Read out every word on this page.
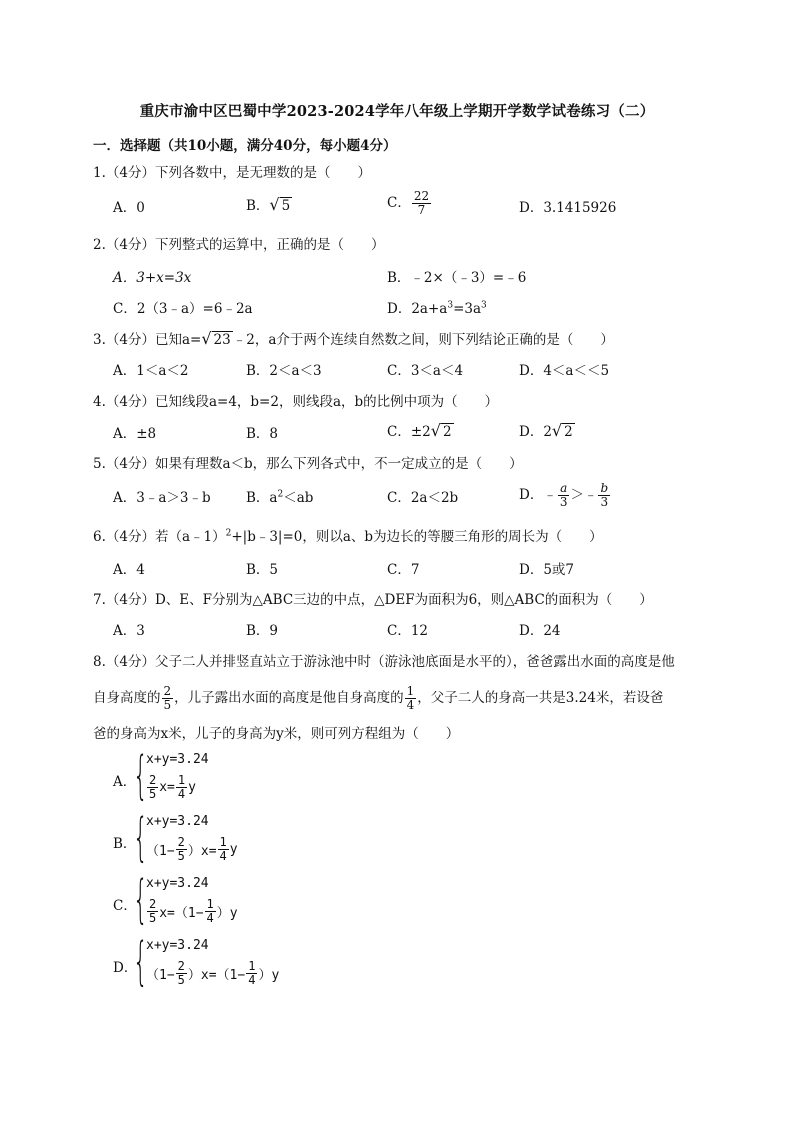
重庆市渝中区巴蜀中学2023-2024学年八年级上学期开学数学试卷练习（二）
一．选择题（共10小题，满分40分，每小题4分）
1.（4分）下列各数中，是无理数的是（　　）
A．0	B． √ 5	C． $\frac{22}{7}$	D．3.1415926
2.（4分）下列整式的运算中，正确的是（　　）
A．3+x=3x	B．﹣2×（﹣3）=﹣6
C．2（3﹣a）=6﹣2a	D．$2a+a^3=3a^3$
3.（4分）已知a= √ 23 ﹣2，a介于两个连续自然数之间，则下列结论正确的是（　　）
A．1＜a＜2	B．2＜a＜3	C．3＜a＜4	D．4＜a＜＜5
4.（4分）已知线段a=4，b=2，则线段a，b的比例中项为（　　）
A．±8	B．8	C．±2 √ 2	D．2 √ 2
5.（4分）如果有理数a＜b，那么下列各式中，不一定成立的是（　　）
A．3﹣a＞3﹣b	B．$a^2<ab$	C．2a＜2b	D．﹣ $\frac{a}{3}$ ＞﹣ $\frac{b}{3}$
6.（4分）若（a﹣1）$^2$+|b﹣3|=0，则以a、b为边长的等腰三角形的周长为（　　）
A．4	B．5	C．7	D．5或7
7.（4分）D、E、F分别为△ABC三边的中点，△DEF为面积为6，则△ABC的面积为（　　）
A．3	B．9	C．12	D．24
8.（4分）父子二人并排竖直站立于游泳池中时（游泳池底面是水平的），爸爸露出水面的高度是他
自身高度的 $\frac{2}{5}$ ，儿子露出水面的高度是他自身高度的 $\frac{1}{4}$ ，父子二人的身高一共是3.24米，若设爸
爸的身高为x米，儿子的身高为y米，则可列方程组为（　　）
A．
{
x+y=3.24
$\frac{2}{5} x= \frac{1}{4}$ y
B．
{
x+y=3.24
$(1- \frac{2}{5} )x= \frac{1}{4}$ y
C．
{
x+y=3.24
$\frac{2}{5} x=(1- \frac{1}{4} )y$
D．
{
x+y=3.24
$(1- \frac{2}{5} )x=(1- \frac{1}{4} )y$
